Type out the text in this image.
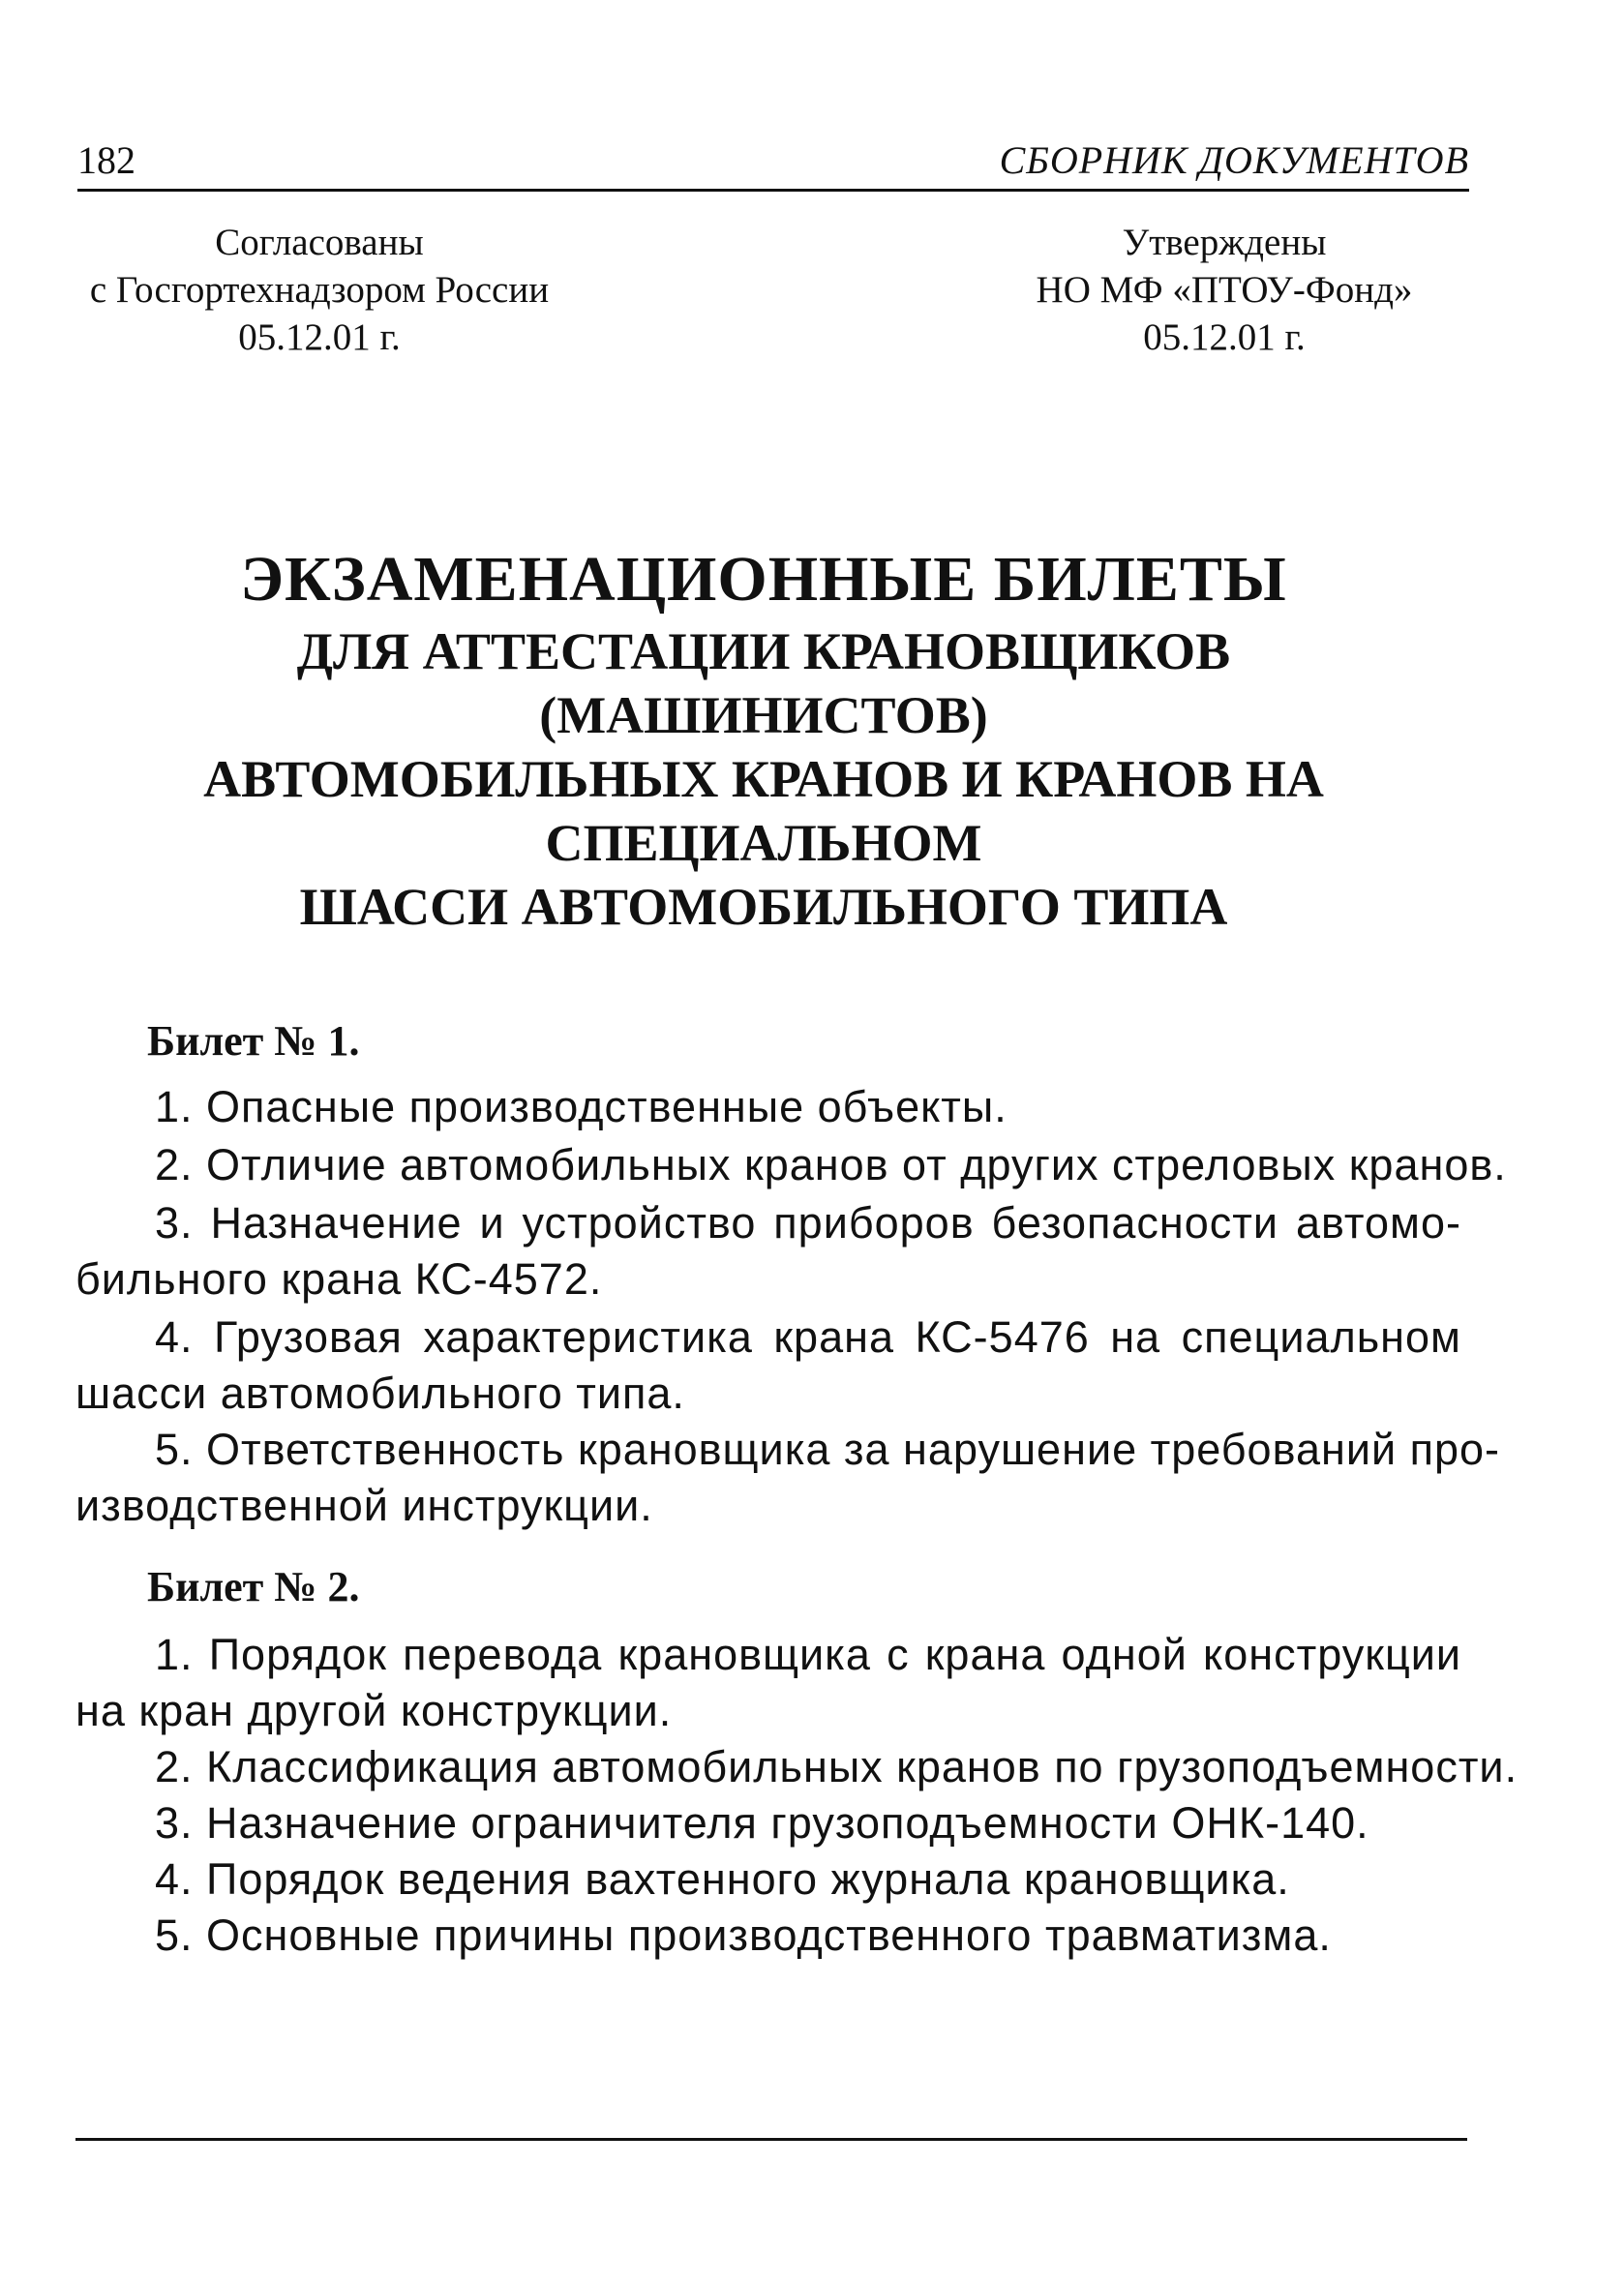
182	СБОРНИК ДОКУМЕНТОВ
Согласованы
с Госгортехнадзором России
05.12.01 г.
Утверждены
НО МФ «ПТОУ-Фонд»
05.12.01 г.
ЭКЗАМЕНАЦИОННЫЕ БИЛЕТЫ
ДЛЯ АТТЕСТАЦИИ КРАНОВЩИКОВ (МАШИНИСТОВ)
АВТОМОБИЛЬНЫХ КРАНОВ И КРАНОВ НА СПЕЦИАЛЬНОМ
ШАССИ АВТОМОБИЛЬНОГО ТИПА
Билет № 1.
1. Опасные производственные объекты.
2. Отличие автомобильных кранов от других стреловых кранов.
3. Назначение и устройство приборов безопасности автомо-
бильного крана КС-4572.
4. Грузовая характеристика крана КС-5476 на специальном
шасси автомобильного типа.
5. Ответственность крановщика за нарушение требований про-
изводственной инструкции.
Билет № 2.
1. Порядок перевода крановщика с крана одной конструкции
на кран другой конструкции.
2. Классификация автомобильных кранов по грузоподъемности.
3. Назначение ограничителя грузоподъемности ОНК-140.
4. Порядок ведения вахтенного журнала крановщика.
5. Основные причины производственного травматизма.
